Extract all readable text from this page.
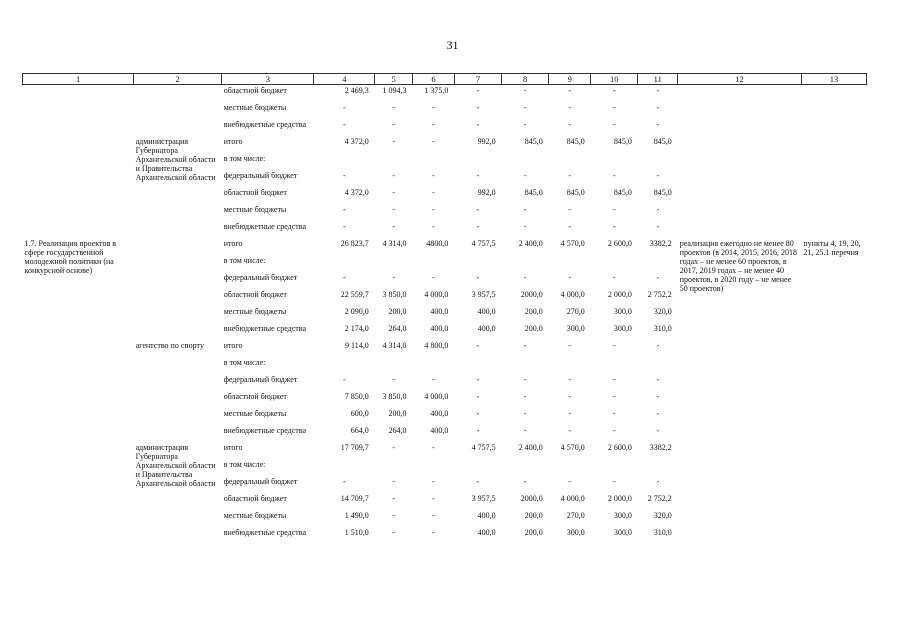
31
1	2	3	4	5	6	7	8	9	10	11	12	13
		областной бюджет	2 469,3	1 094,3	1 375,0	-	-	-	-	-		
		местные бюджеты	-	-	-	-	-	-	-	-		
		внебюджетные средства	-	-	-	-	-	-	-	-		
	администрация Губернатора Архангельской области и Правительства Архангельской области	итого	4 372,0	-	-	992,0	845,0	845,0	845,0	845,0		
		в том числе:										
		федеральный бюджет	-	-	-	-	-	-	-	-		
		областной бюджет	4 372,0	-	-	992,0	845,0	845,0	845,0	845,0		
		местные бюджеты	-	-	-	-	-	-	-	-		
		внебюджетные средства	-	-	-	-	-	-	-	-		
1.7. Реализация проектов в сфере государственной молодежной политики (на конкурсной основе)		итого	26 823,7	4 314,0	4800,0	4 757,5	2 400,0	4 570,0	2 600,0	3382,2	реализация ежегодно не менее 80 проектов (в 2014, 2015, 2016, 2018 годах – не менее 60 проектов, в 2017, 2019 годах – не менее 40 проектов, в 2020 году – не менее 50 проектов)	пункты 4, 19, 20, 21, 25.1 перечня
		в том числе:										
		федеральный бюджет	-	-	-	-	-	-	-	-		
		областной бюджет	22 559,7	3 850,0	4 000,0	3 957,5	2000,0	4 000,0	2 000,0	2 752,2		
		местные бюджеты	2 090,0	200,0	400,0	400,0	200,0	270,0	300,0	320,0		
		внебюджетные средства	2 174,0	264,0	400,0	400,0	200,0	300,0	300,0	310,0		
	агентство по спорту	итого	9 114,0	4 314,0	4 800,0	-	-	-	-	-		
		в том числе:										
		федеральный бюджет	-	-	-	-	-	-	-	-		
		областной бюджет	7 850,0	3 850,0	4 000,0	-	-	-	-	-		
		местные бюджеты	600,0	200,0	400,0	-	-	-	-	-		
		внебюджетные средства	664,0	264,0	400,0	-	-	-	-	-		
	администрация Губернатора Архангельской области и Правительства Архангельской области	итого	17 709,7	-	-	4 757,5	2 400,0	4 570,0	2 600,0	3382,2		
		в том числе:										
		федеральный бюджет	-	-	-	-	-	-	-	-		
		областной бюджет	14 709,7	-	-	3 957,5	2000,0	4 000,0	2 000,0	2 752,2		
		местные бюджеты	1 490,0	-	-	400,0	200,0	270,0	300,0	320,0		
		внебюджетные средства	1 510,0	-	-	400,0	200,0	300,0	300,0	310,0		
